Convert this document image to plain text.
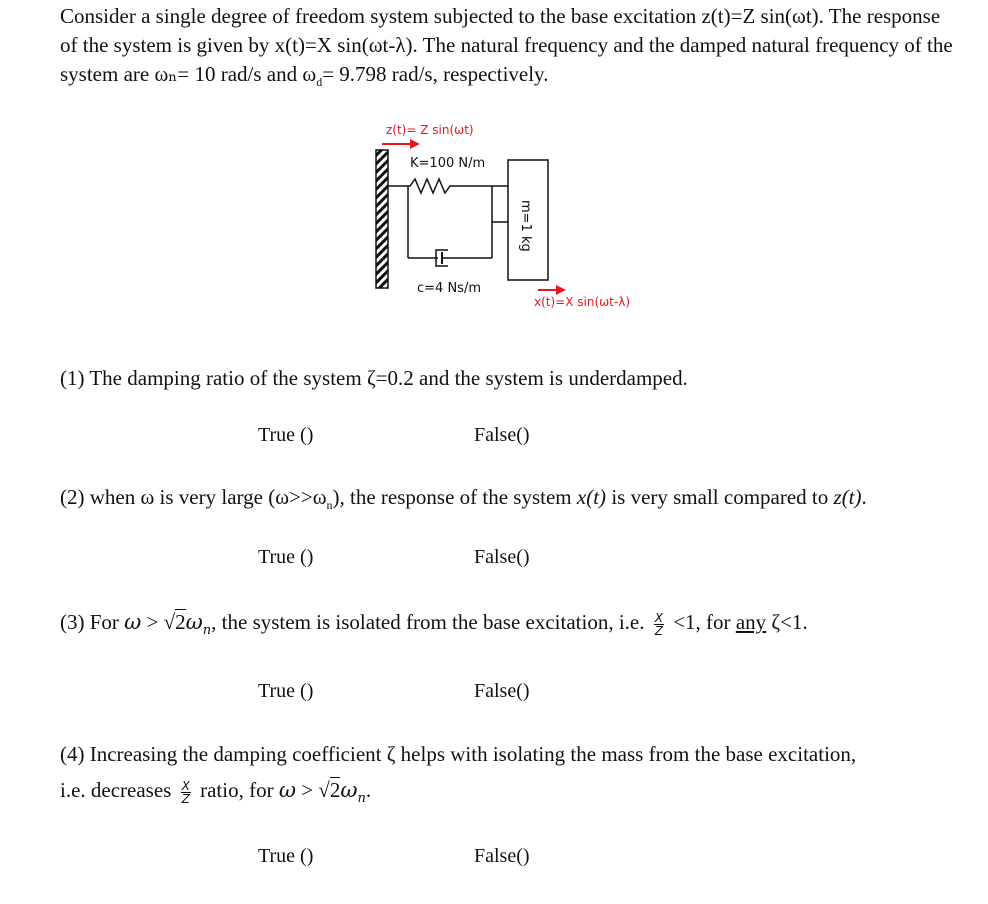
Consider a single degree of freedom system subjected to the base excitation z(t)=Z sin(ωt). The response
of the system is given by x(t)=X sin(ωt-λ). The natural frequency and the damped natural frequency of the
system are ωₙ= 10 rad/s and $\omega_d= 9.798$ rad/s, respectively.
z(t)= Z sin(ωt)
K=100 N/m
c=4 Ns/m
m=1 kg
x(t)=X sin(ωt-λ)
(1) The damping ratio of the system ζ=0.2 and the system is underdamped.
True ()	False()
(2) when ω is very large $(\omega>>\omega_n)$, the response of the system x(t) is very small compared to z(t).
True ()	False()
(3) For $\omega > √2\omega_n$, the system is isolated from the base excitation, i.e. $\frac{X}{Z} <1$, for any ζ<1.
True ()	False()
(4) Increasing the damping coefficient ζ helps with isolating the mass from the base excitation,
i.e. decreases $\frac{X}{Z}$ ratio, for $\omega > √2\omega_n$.
True ()	False()
